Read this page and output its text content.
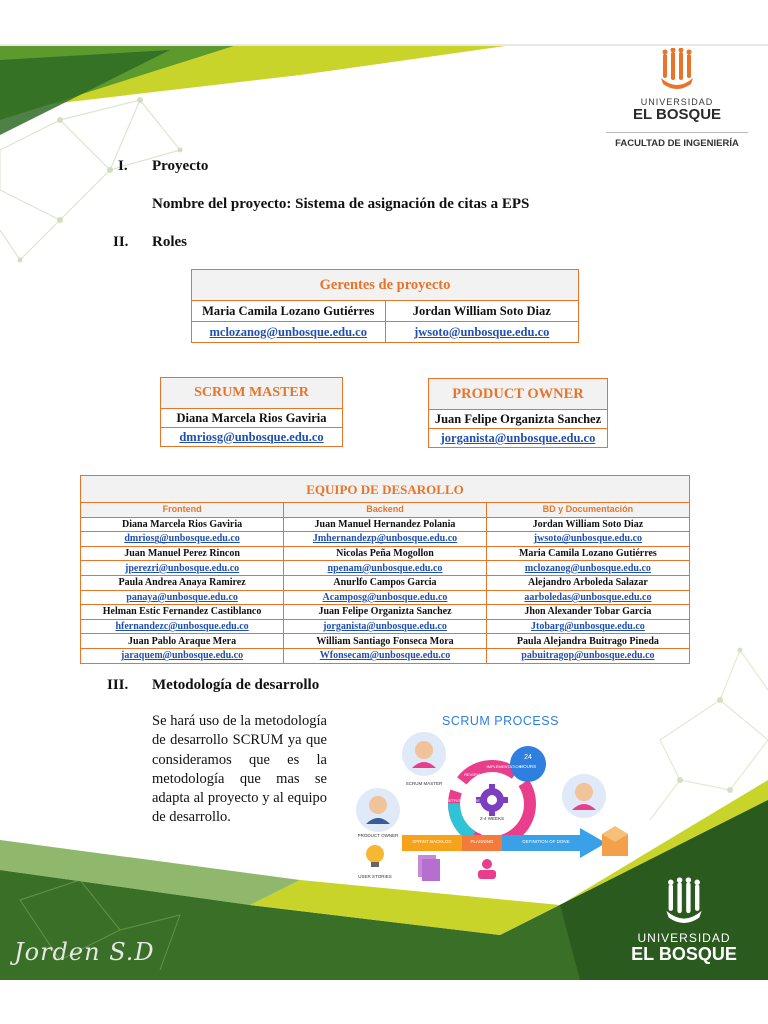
UNIVERSIDAD
EL BOSQUE
FACULTAD DE INGENIERÍA
I. Proyecto
Nombre del proyecto: Sistema de asignación de citas a EPS
II. Roles
Gerentes de proyecto
Maria Camila Lozano Gutiérres	Jordan William Soto Diaz
mclozanog@unbosque.edu.co	jwsoto@unbosque.edu.co
SCRUM MASTER
Diana Marcela Rios Gaviria
dmriosg@unbosque.edu.co
PRODUCT OWNER
Juan Felipe Organizta Sanchez
jorganista@unbosque.edu.co
EQUIPO DE DESAROLLO		
Frontend	Backend	BD y Documentación
Diana Marcela Rios Gaviria	Juan Manuel Hernandez Polania	Jordan William Soto Diaz
dmriosg@unbosque.edu.co	Jmhernandezp@unbosque.edu.co	jwsoto@unbosque.edu.co
Juan Manuel Perez Rincon	Nicolas Peña Mogollon	Maria Camila Lozano Gutiérres
jperezri@unbosque.edu.co	npenam@unbosque.edu.co	mclozanog@unbosque.edu.co
Paula Andrea Anaya Ramirez	Anurlfo Campos Garcia	Alejandro Arboleda Salazar
panaya@unbosque.edu.co	Acamposg@unbosque.edu.co	aarboledas@unbosque.edu.co
Helman Estic Fernandez Castiblanco	Juan Felipe Organizta Sanchez	Jhon Alexander Tobar Garcia
hfernandezc@unbosque.edu.co	jorganista@unbosque.edu.co	Jtobarg@unbosque.edu.co
Juan Pablo Araque Mera	William Santiago Fonseca Mora	Paula Alejandra Buitrago Pineda
jaraquem@unbosque.edu.co	Wfonsecam@unbosque.edu.co	pabuitragop@unbosque.edu.co
III. Metodología de desarrollo
Se hará uso de la metodología de desarrollo SCRUM ya que consideramos que es la metodología que mas se adapta al proyecto y al equipo de desarrollo.
SCRUM PROCESS
24
HOURS
SCRUM MASTER
PRODUCT OWNER
USER STORIES
2-4 WEEKS
SPRINT BACKLOG	PLANNING	DEFINITION OF DONE
REVIEW
IMPLEMENTATION
RETROSPECTIVE
UNIVERSIDAD
EL BOSQUE
Jorden S.D
